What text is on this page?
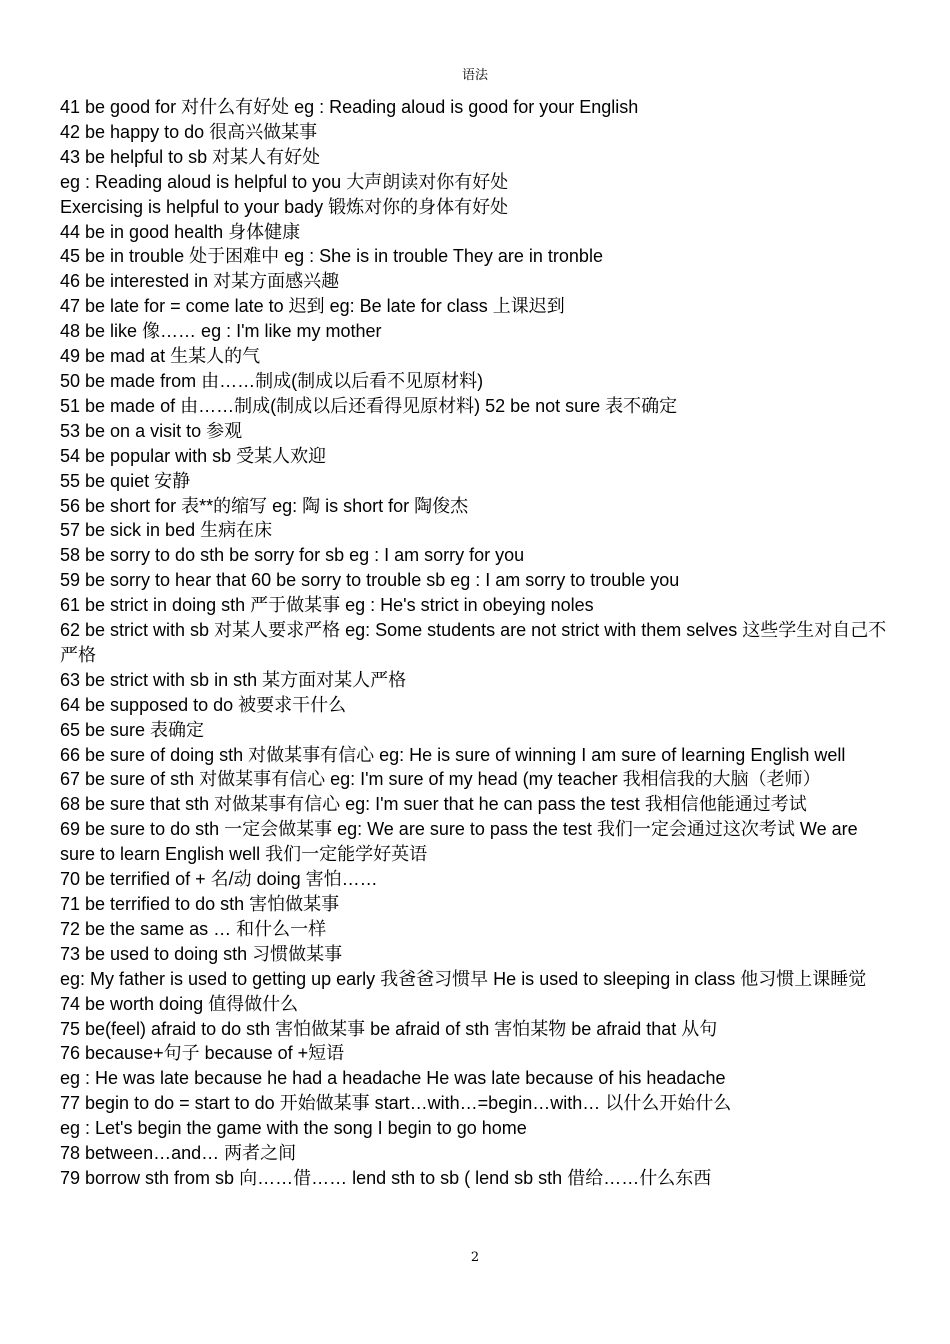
语法
41 be good for 对什么有好处 eg : Reading aloud is good for your English
42 be happy to do 很高兴做某事
43 be helpful to sb 对某人有好处
eg : Reading aloud is helpful to you 大声朗读对你有好处
Exercising is helpful to your bady 锻炼对你的身体有好处
44 be in good health 身体健康
45 be in trouble 处于困难中 eg : She is in trouble They are in tronble
46 be interested in 对某方面感兴趣
47 be late for = come late to 迟到 eg: Be late for class 上课迟到
48 be like 像…… eg : I'm like my mother
49 be mad at 生某人的气
50 be made from 由……制成(制成以后看不见原材料)
51 be made of 由……制成(制成以后还看得见原材料) 52 be not sure 表不确定
53 be on a visit to 参观
54 be popular with sb 受某人欢迎
55 be quiet 安静
56 be short for 表**的缩写 eg: 陶 is short for 陶俊杰
57 be sick in bed 生病在床
58 be sorry to do sth be sorry for sb eg : I am sorry for you
59 be sorry to hear that 60 be sorry to trouble sb eg : I am sorry to trouble you
61 be strict in doing sth 严于做某事 eg : He's strict in obeying noles
62 be strict with sb 对某人要求严格 eg: Some students are not strict with them selves 这些学生对自己不严格
63 be strict with sb in sth 某方面对某人严格
64 be supposed to do 被要求干什么
65 be sure 表确定
66 be sure of doing sth 对做某事有信心 eg: He is sure of winning I am sure of learning English well
67 be sure of sth 对做某事有信心 eg: I'm sure of my head (my teacher 我相信我的大脑（老师）
68 be sure that sth 对做某事有信心 eg: I'm suer that he can pass the test 我相信他能通过考试
69 be sure to do sth 一定会做某事 eg: We are sure to pass the test 我们一定会通过这次考试 We are sure to learn English well 我们一定能学好英语
70 be terrified of + 名/动 doing 害怕……
71 be terrified to do sth 害怕做某事
72 be the same as … 和什么一样
73 be used to doing sth 习惯做某事
eg: My father is used to getting up early 我爸爸习惯早 He is used to sleeping in class 他习惯上课睡觉
74 be worth doing 值得做什么
75 be(feel) afraid to do sth 害怕做某事 be afraid of sth 害怕某物 be afraid that 从句
76 because+句子 because of +短语
eg : He was late because he had a headache He was late because of his headache
77 begin to do = start to do 开始做某事 start…with…=begin…with… 以什么开始什么
eg : Let's begin the game with the song I begin to go home
78 between…and… 两者之间
79 borrow sth from sb 向……借…… lend sth to sb ( lend sb sth 借给……什么东西
2
